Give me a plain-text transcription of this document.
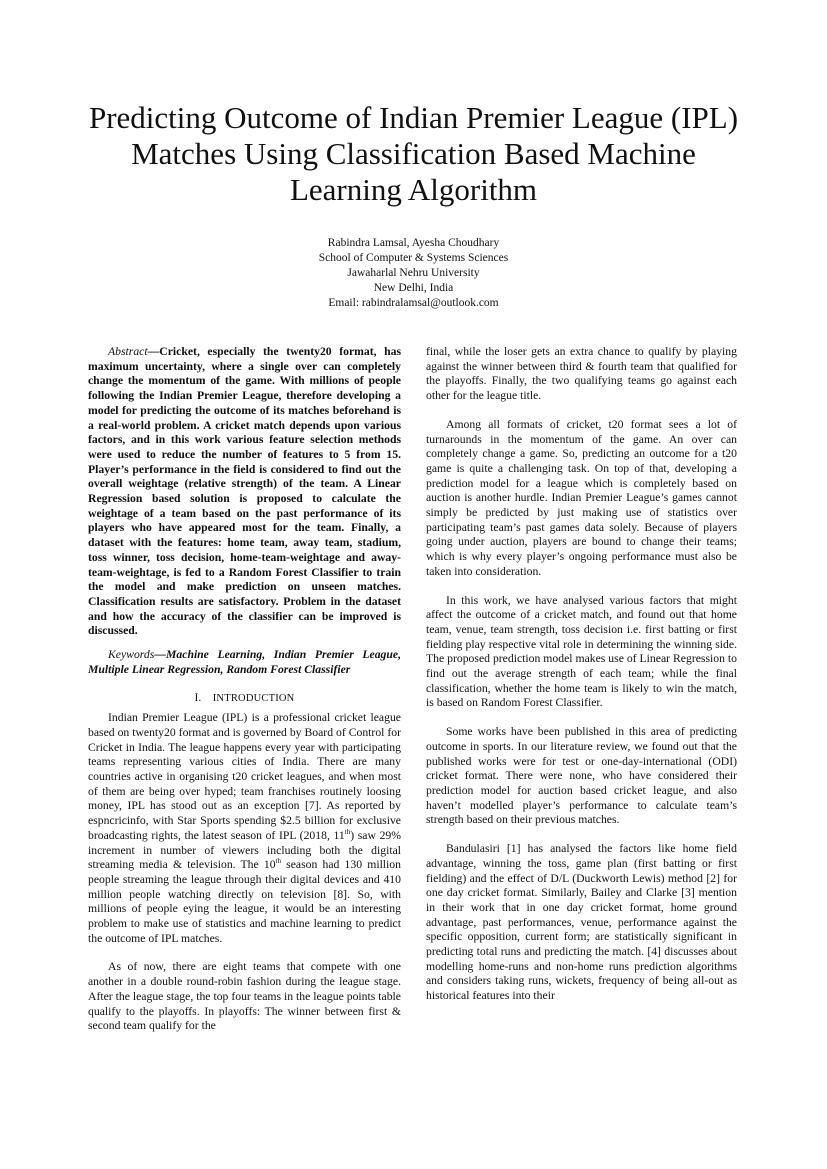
Predicting Outcome of Indian Premier League (IPL)
Matches Using Classification Based Machine
Learning Algorithm
Rabindra Lamsal, Ayesha Choudhary
School of Computer & Systems Sciences
Jawaharlal Nehru University
New Delhi, India
Email: rabindralamsal@outlook.com

Abstract—Cricket, especially the twenty20 format, has maximum uncertainty, where a single over can completely change the momentum of the game. With millions of people following the Indian Premier League, therefore developing a model for predicting the outcome of its matches beforehand is a real-world problem. A cricket match depends upon various factors, and in this work various feature selection methods were used to reduce the number of features to 5 from 15. Player’s performance in the field is considered to find out the overall weightage (relative strength) of the team. A Linear Regression based solution is proposed to calculate the weightage of a team based on the past performance of its players who have appeared most for the team. Finally, a dataset with the features: home team, away team, stadium, toss winner, toss decision, home-team-weightage and away-team-weightage, is fed to a Random Forest Classifier to train the model and make prediction on unseen matches. Classification results are satisfactory. Problem in the dataset and how the accuracy of the classifier can be improved is discussed.

Keywords—Machine Learning, Indian Premier League, Multiple Linear Regression, Random Forest Classifier

I. INTRODUCTION

Indian Premier League (IPL) is a professional cricket league based on twenty20 format and is governed by Board of Control for Cricket in India. The league happens every year with participating teams representing various cities of India. There are many countries active in organising t20 cricket leagues, and when most of them are being over hyped; team franchises routinely loosing money, IPL has stood out as an exception [7]. As reported by espncricinfo, with Star Sports spending $2.5 billion for exclusive broadcasting rights, the latest season of IPL (2018, 11th) saw 29% increment in number of viewers including both the digital streaming media & television. The 10th season had 130 million people streaming the league through their digital devices and 410 million people watching directly on television [8]. So, with millions of people eying the league, it would be an interesting problem to make use of statistics and machine learning to predict the outcome of IPL matches.

As of now, there are eight teams that compete with one another in a double round-robin fashion during the league stage. After the league stage, the top four teams in the league points table qualify to the playoffs. In playoffs: The winner between first & second team qualify for the

final, while the loser gets an extra chance to qualify by playing against the winner between third & fourth team that qualified for the playoffs. Finally, the two qualifying teams go against each other for the league title.

Among all formats of cricket, t20 format sees a lot of turnarounds in the momentum of the game. An over can completely change a game. So, predicting an outcome for a t20 game is quite a challenging task. On top of that, developing a prediction model for a league which is completely based on auction is another hurdle. Indian Premier League’s games cannot simply be predicted by just making use of statistics over participating team’s past games data solely. Because of players going under auction, players are bound to change their teams; which is why every player’s ongoing performance must also be taken into consideration.

In this work, we have analysed various factors that might affect the outcome of a cricket match, and found out that home team, venue, team strength, toss decision i.e. first batting or first fielding play respective vital role in determining the winning side. The proposed prediction model makes use of Linear Regression to find out the average strength of each team; while the final classification, whether the home team is likely to win the match, is based on Random Forest Classifier.

Some works have been published in this area of predicting outcome in sports. In our literature review, we found out that the published works were for test or one-day-international (ODI) cricket format. There were none, who have considered their prediction model for auction based cricket league, and also haven’t modelled player’s performance to calculate team’s strength based on their previous matches.

Bandulasiri [1] has analysed the factors like home field advantage, winning the toss, game plan (first batting or first fielding) and the effect of D/L (Duckworth Lewis) method [2] for one day cricket format. Similarly, Bailey and Clarke [3] mention in their work that in one day cricket format, home ground advantage, past performances, venue, performance against the specific opposition, current form; are statistically significant in predicting total runs and predicting the match. [4] discusses about modelling home-runs and non-home runs prediction algorithms and considers taking runs, wickets, frequency of being all-out as historical features into their
